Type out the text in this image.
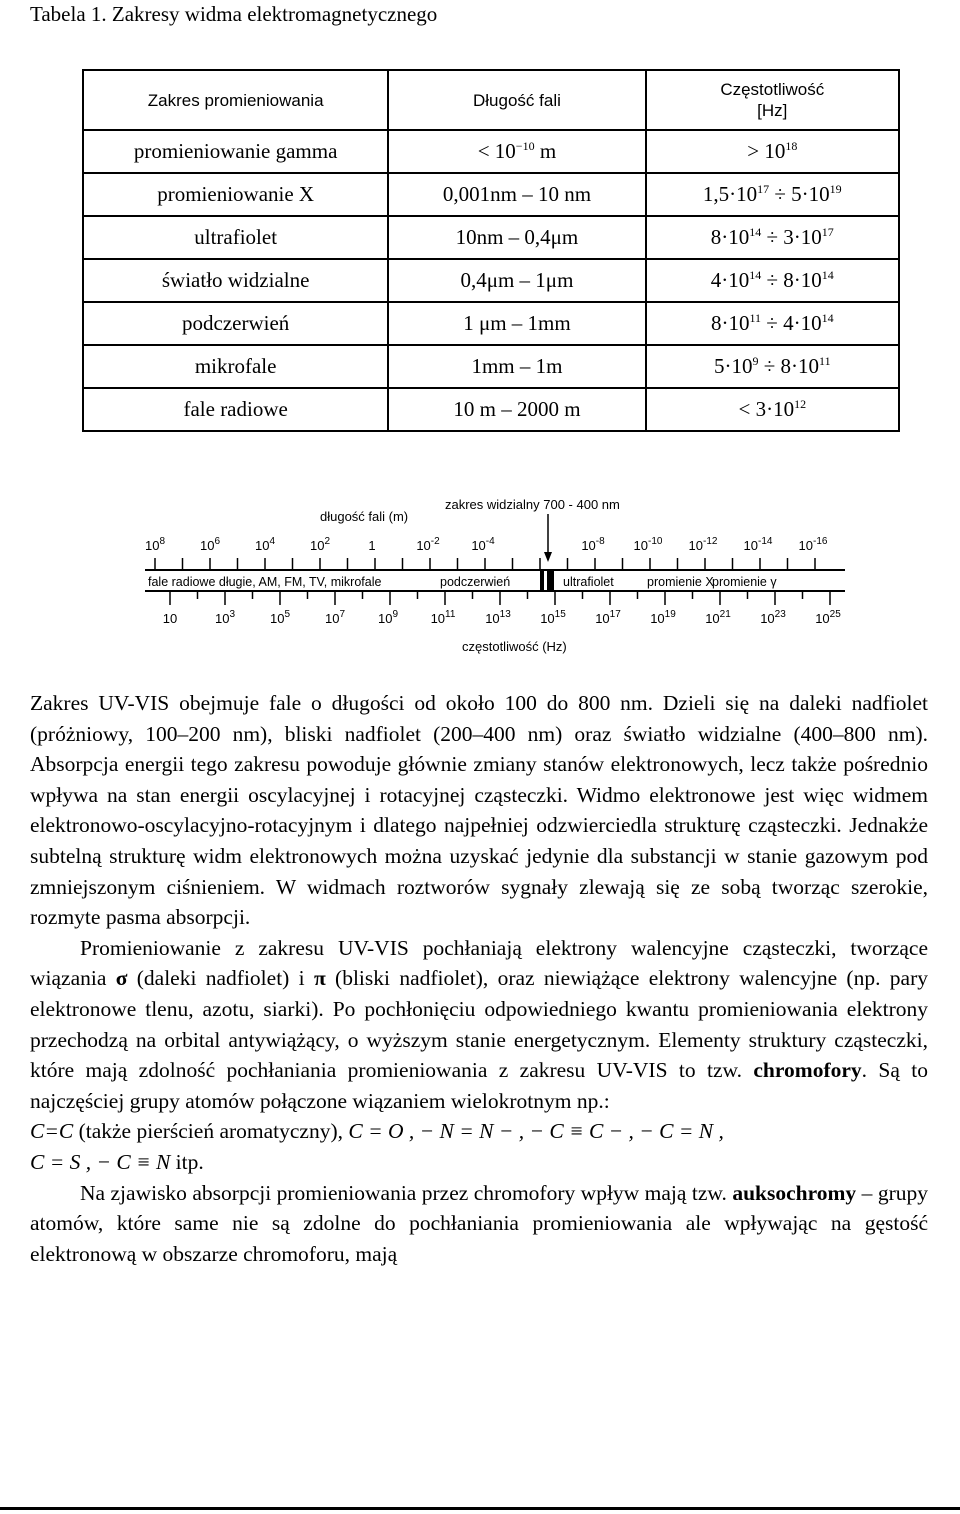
Tabela 1. Zakresy widma elektromagnetycznego
Zakres promieniowania	Długość fali	Częstotliwość
[Hz]
promieniowanie gamma	< $10^{-10}$ m	> $10^{18}$
promieniowanie X	0,001nm – 10 nm	$1,5\cdot 10^{17} \div 5\cdot 10^{19}$
ultrafiolet	10nm – 0,4μm	$8\cdot 10^{14} \div 3\cdot 10^{17}$
światło widzialne	0,4μm – 1μm	$4\cdot 10^{14} \div 8\cdot 10^{14}$
podczerwień	1 μm – 1mm	$8\cdot 10^{11} \div 4\cdot 10^{14}$
mikrofale	1mm – 1m	$5\cdot 10^9 \div 8\cdot 10^{11}$
fale radiowe	10 m – 2000 m	< $3\cdot 10^{12}$
zakres widzialny 700 - 400 nm
długość fali (m)
$10^8$	$10^6$	$10^4$	$10^2$	1	$10^{-2}$ $10^{-4}$	$10^{-8}$ $10^{-10}$ $10^{-12}$ $10^{-14}$ $10^{-16}$
fale radiowe długie, AM, FM, TV, mikrofale	podczerwień	ultrafiolet	promienie X
promienie γ
10	$10^3$	$10^5$	$10^7$	$10^9$	$10^{11}$ $10^{13}$ $10^{15}$ $10^{17}$ $10^{19}$ $10^{21}$ $10^{23}$ $10^{25}$
częstotliwość (Hz)

Zakres UV-VIS obejmuje fale o długości od około 100 do 800 nm. Dzieli się na daleki nadfiolet (próżniowy, 100–200 nm), bliski nadfiolet (200–400 nm) oraz światło widzialne (400–800 nm). Absorpcja energii tego zakresu powoduje głównie zmiany stanów elektronowych, lecz także pośrednio wpływa na stan energii oscylacyjnej i rotacyjnej cząsteczki. Widmo elektronowe jest więc widmem elektronowo-oscylacyjno-rotacyjnym i dlatego najpełniej odzwierciedla strukturę cząsteczki. Jednakże subtelną strukturę widm elektronowych można uzyskać jedynie dla substancji w stanie gazowym pod zmniejszonym ciśnieniem. W widmach roztworów sygnały zlewają się ze sobą tworząc szerokie, rozmyte pasma absorpcji.

Promieniowanie z zakresu UV-VIS pochłaniają elektrony walencyjne cząsteczki, tworzące wiązania σ (daleki nadfiolet) i π (bliski nadfiolet), oraz niewiążące elektrony walencyjne (np. pary elektronowe tlenu, azotu, siarki). Po pochłonięciu odpowiedniego kwantu promieniowania elektrony przechodzą na orbital antywiążący, o wyższym stanie energetycznym. Elementy struktury cząsteczki, które mają zdolność pochłaniania promieniowania z zakresu UV-VIS to tzw. chromofory. Są to najczęściej grupy atomów połączone wiązaniem wielokrotnym np.:

C=C (także pierścień aromatyczny), C = O , − N = N − , − C ≡ C − , − C = N ,

C = S , − C ≡ N itp.

Na zjawisko absorpcji promieniowania przez chromofory wpływ mają tzw. auksochromy – grupy atomów, które same nie są zdolne do pochłaniania promieniowania ale wpływając na gęstość elektronową w obszarze chromoforu, mają
